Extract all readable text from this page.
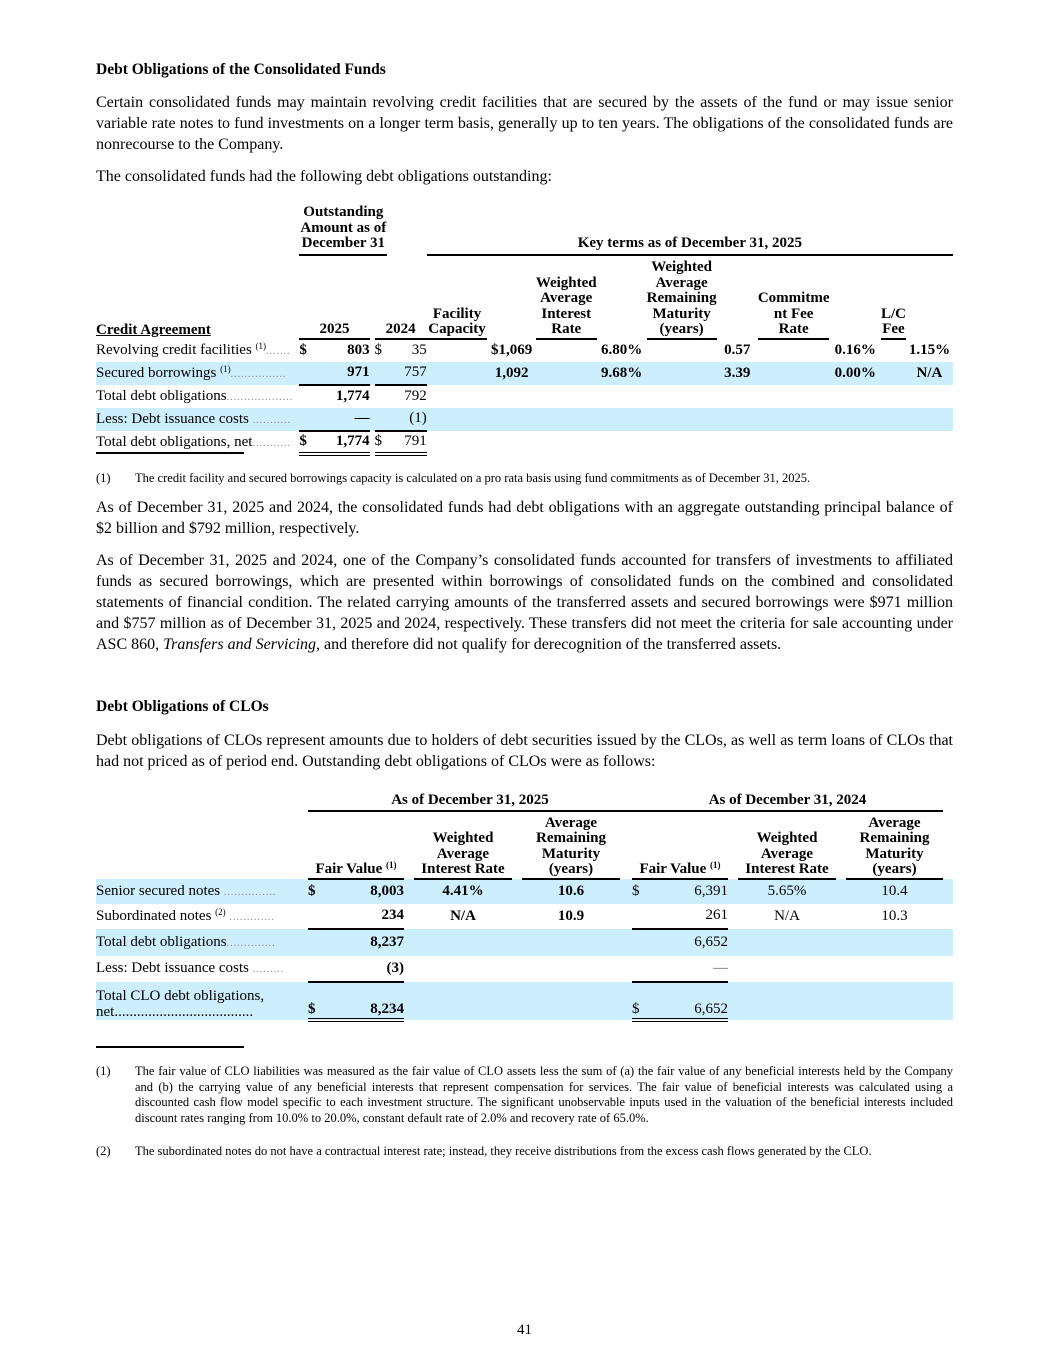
Debt Obligations of the Consolidated Funds

Certain consolidated funds may maintain revolving credit facilities that are secured by the assets of the fund or may issue senior variable rate notes to fund investments on a longer term basis, generally up to ten years. The obligations of the consolidated funds are nonrecourse to the Company.

The consolidated funds had the following debt obligations outstanding:

		Outstanding Amount as of December 31					Key terms as of December 31, 2025									
Credit Agreement		2025			2024		Facility Capacity		Weighted Average Interest Rate		Weighted Average Remaining Maturity (years)		Commitme nt Fee Rate		L/C Fee	
Revolving credit facilities $^{(1)}$.......		$	803		$	35		$1,069		6.80%		0.57		0.16%		1.15%
Secured borrowings $^{(1)}$................			971			757		1,092		9.68%		3.39		0.00%		N/A
Total debt obligations...................			1,774			792										
Less: Debt issuance costs ...........			—			(1)										
Total debt obligations, net...........		$	1,774		$	791										
(1)	The credit facility and secured borrowings capacity is calculated on a pro rata basis using fund commitments as of December 31, 2025.

As of December 31, 2025 and 2024, the consolidated funds had debt obligations with an aggregate outstanding principal balance of $2 billion and $792 million, respectively.

As of December 31, 2025 and 2024, one of the Company’s consolidated funds accounted for transfers of investments to affiliated funds as secured borrowings, which are presented within borrowings of consolidated funds on the combined and consolidated statements of financial condition. The related carrying amounts of the transferred assets and secured borrowings were $971 million and $757 million as of December 31, 2025 and 2024, respectively. These transfers did not meet the criteria for sale accounting under ASC 860, Transfers and Servicing, and therefore did not qualify for derecognition of the transferred assets.

Debt Obligations of CLOs

Debt obligations of CLOs represent amounts due to holders of debt securities issued by the CLOs, as well as term loans of CLOs that had not priced as of period end. Outstanding debt obligations of CLOs were as follows:

		As of December 31, 2025							As of December 31, 2024						
		Fair Value $^{(1)}$			Weighted Average Interest Rate		Average Remaining Maturity (years)		Fair Value $^{(1)}$			Weighted Average Interest Rate		Average Remaining Maturity (years)	
Senior secured notes ...............		$	8,003		4.41%		10.6		$	6,391		5.65%		10.4	
Subordinated notes $^{(2)}$ .............			234		N/A		10.9			261		N/A		10.3	
Total debt obligations..............			8,237							6,652					
Less: Debt issuance costs .........			(3)							—					
Total CLO debt obligations, net.....................................		$	8,234						$	6,652					
(1)	The fair value of CLO liabilities was measured as the fair value of CLO assets less the sum of (a) the fair value of any beneficial interests held by the Company and (b) the carrying value of any beneficial interests that represent compensation for services. The fair value of beneficial interests was calculated using a discounted cash flow model specific to each investment structure. The significant unobservable inputs used in the valuation of the beneficial interests included discount rates ranging from 10.0% to 20.0%, constant default rate of 2.0% and recovery rate of 65.0%.
(2)	The subordinated notes do not have a contractual interest rate; instead, they receive distributions from the excess cash flows generated by the CLO.
41
